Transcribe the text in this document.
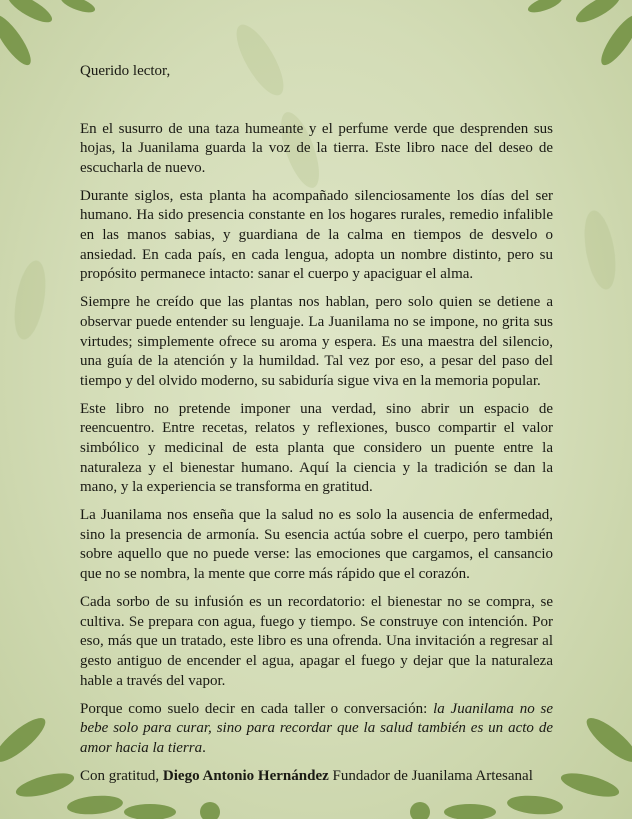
Querido lector,

En el susurro de una taza humeante y el perfume verde que desprenden sus hojas, la Juanilama guarda la voz de la tierra. Este libro nace del deseo de escucharla de nuevo.

Durante siglos, esta planta ha acompañado silenciosamente los días del ser humano. Ha sido presencia constante en los hogares rurales, remedio infalible en las manos sabias, y guardiana de la calma en tiempos de desvelo o ansiedad. En cada país, en cada lengua, adopta un nombre distinto, pero su propósito permanece intacto: sanar el cuerpo y apaciguar el alma.

Siempre he creído que las plantas nos hablan, pero solo quien se detiene a observar puede entender su lenguaje. La Juanilama no se impone, no grita sus virtudes; simplemente ofrece su aroma y espera. Es una maestra del silencio, una guía de la atención y la humildad. Tal vez por eso, a pesar del paso del tiempo y del olvido moderno, su sabiduría sigue viva en la memoria popular.

Este libro no pretende imponer una verdad, sino abrir un espacio de reencuentro. Entre recetas, relatos y reflexiones, busco compartir el valor simbólico y medicinal de esta planta que considero un puente entre la naturaleza y el bienestar humano. Aquí la ciencia y la tradición se dan la mano, y la experiencia se transforma en gratitud.

La Juanilama nos enseña que la salud no es solo la ausencia de enfermedad, sino la presencia de armonía. Su esencia actúa sobre el cuerpo, pero también sobre aquello que no puede verse: las emociones que cargamos, el cansancio que no se nombra, la mente que corre más rápido que el corazón.

Cada sorbo de su infusión es un recordatorio: el bienestar no se compra, se cultiva. Se prepara con agua, fuego y tiempo. Se construye con intención. Por eso, más que un tratado, este libro es una ofrenda. Una invitación a regresar al gesto antiguo de encender el agua, apagar el fuego y dejar que la naturaleza hable a través del vapor.

Porque como suelo decir en cada taller o conversación: la Juanilama no se bebe solo para curar, sino para recordar que la salud también es un acto de amor hacia la tierra.

Con gratitud, Diego Antonio Hernández Fundador de Juanilama Artesanal
